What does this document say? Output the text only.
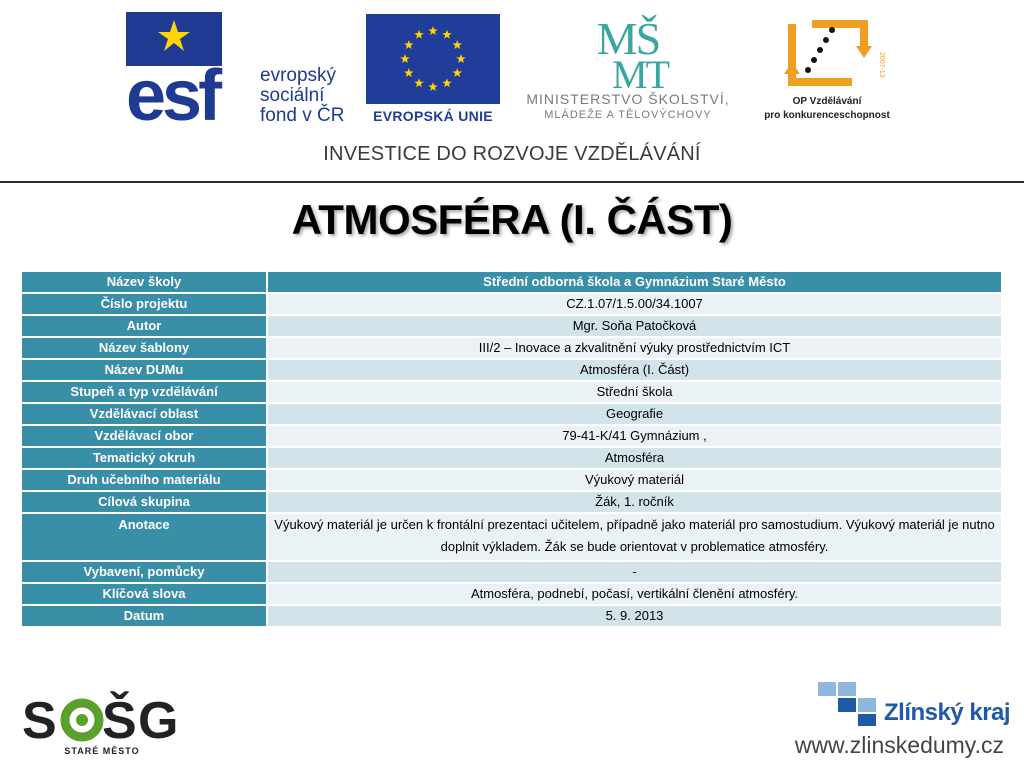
esf evropský
sociální
fond v ČR	EVROPSKÁ UNIE
MŠ
MT
MINISTERSTVO ŠKOLSTVÍ,
MLÁDEŽE A TĚLOVÝCHOVY
2007-13
OP Vzdělávání
pro konkurenceschopnost
INVESTICE DO ROZVOJE VZDĚLÁVÁNÍ
ATMOSFÉRA (I. ČÁST)
Název školy	Střední odborná škola a Gymnázium Staré Město
Číslo projektu	CZ.1.07/1.5.00/34.1007
Autor	Mgr. Soňa Patočková
Název šablony	III/2 – Inovace a zkvalitnění výuky prostřednictvím ICT
Název DUMu	Atmosféra (I. Část)
Stupeň a typ vzdělávání	Střední škola
Vzdělávací oblast	Geografie
Vzdělávací obor	79-41-K/41 Gymnázium ,
Tematický okruh	Atmosféra
Druh učebního materiálu	Výukový materiál
Cílová skupina	Žák, 1. ročník
Anotace	Výukový materiál je určen k frontální prezentaci učitelem, případně jako materiál pro samostudium. Výukový materiál je nutno doplnit výkladem. Žák se bude orientovat v problematice atmosféry.
Vybavení, pomůcky	-
Klíčová slova	Atmosféra, podnebí, počasí, vertikální členění atmosféry.
Datum	5. 9. 2013
S Š G
STARÉ MĚSTO
Zlínský kraj
www.zlinskedumy.cz
